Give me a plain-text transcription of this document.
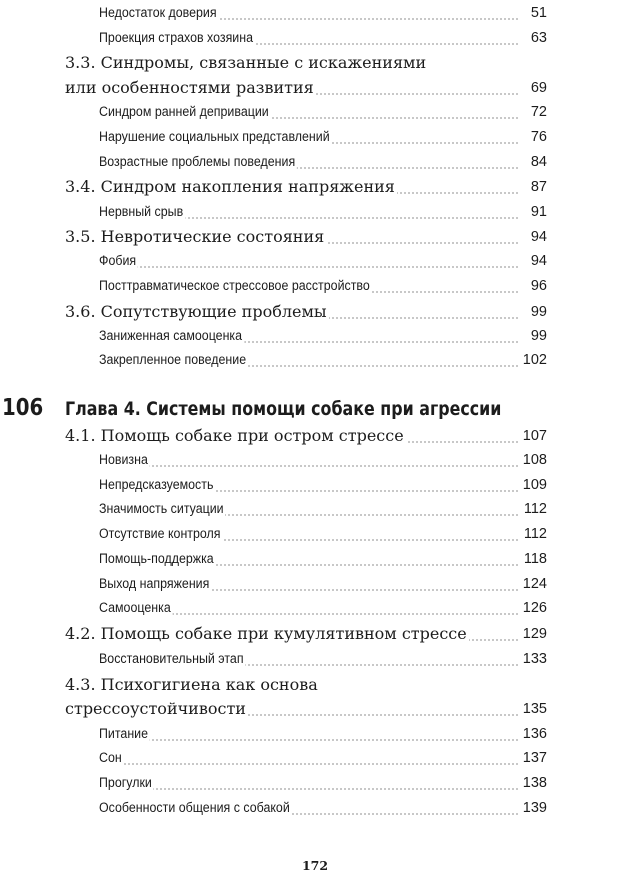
Недостаток доверия	51
Проекция страхов хозяина	63
3.3. Синдромы, связанные с искажениями
или особенностями развития	69
Синдром ранней депривации	72
Нарушение социальных представлений	76
Возрастные проблемы поведения	84
3.4. Синдром накопления напряжения	87
Нервный срыв	91
3.5. Невротические состояния	94
Фобия	94
Посттравматическое стрессовое расстройство	96
3.6. Сопутствующие проблемы	99
Заниженная самооценка	99
Закрепленное поведение	102
106 Глава 4. Системы помощи собаке при агрессии
4.1. Помощь собаке при остром стрессе	107
Новизна	108
Непредсказуемость	109
Значимость ситуации	112
Отсутствие контроля	112
Помощь-поддержка	118
Выход напряжения	124
Самооценка	126
4.2. Помощь собаке при кумулятивном стрессе	129
Восстановительный этап	133
4.3. Психогигиена как основа
стрессоустойчивости	135
Питание	136
Сон	137
Прогулки	138
Особенности общения с собакой	139
172
